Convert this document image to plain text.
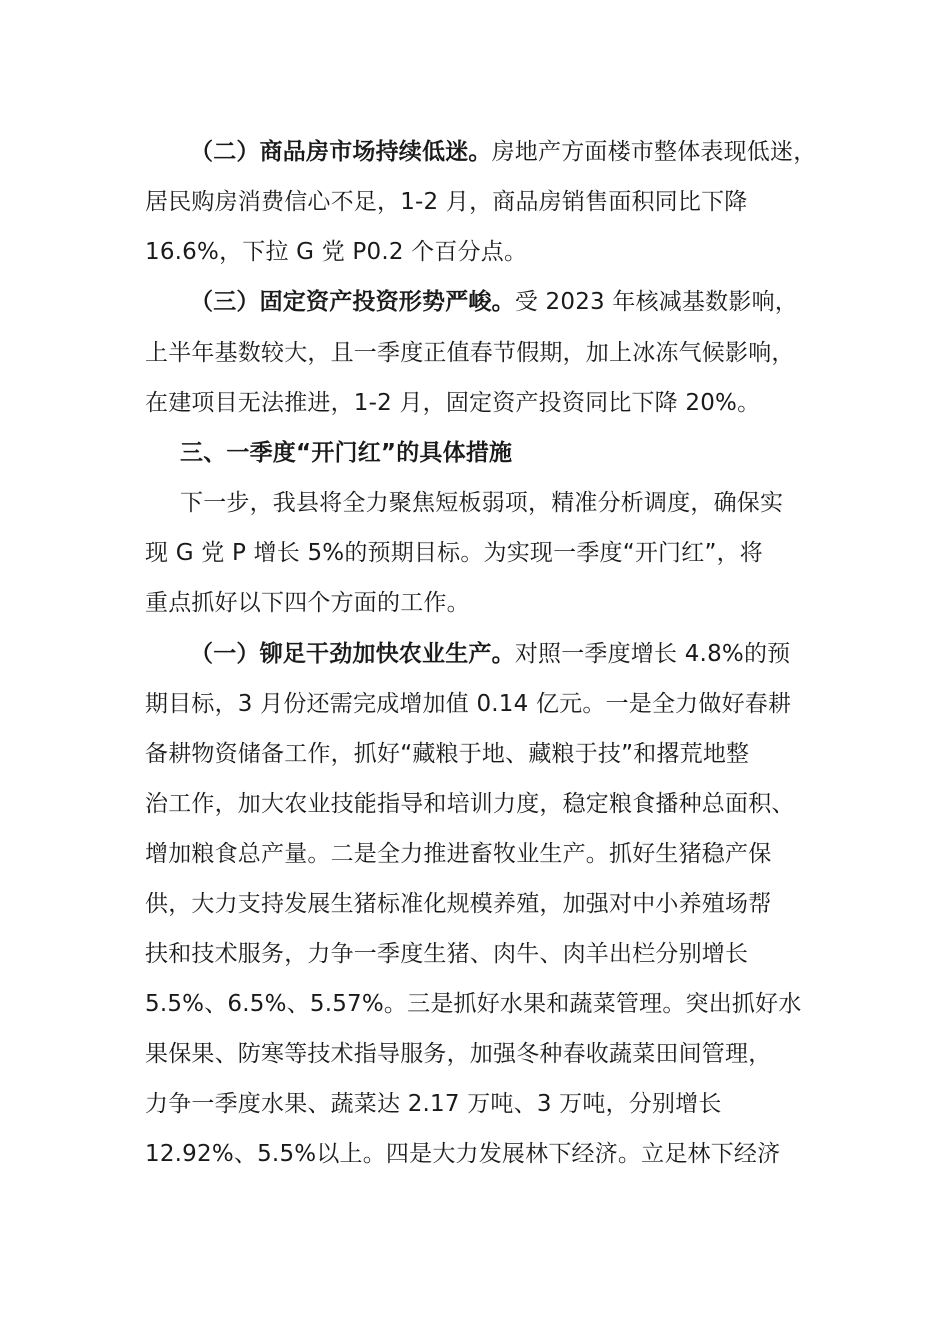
（二）商品房市场持续低迷。房地产方面楼市整体表现低迷，
居民购房消费信心不足，1-2 月，商品房销售面积同比下降
16.6%，下拉 G 党 P0.2 个百分点。
（三）固定资产投资形势严峻。受 2023 年核减基数影响，
上半年基数较大，且一季度正值春节假期，加上冰冻气候影响，
在建项目无法推进，1-2 月，固定资产投资同比下降 20%。
三、一季度“开门红”的具体措施
下一步，我县将全力聚焦短板弱项，精准分析调度，确保实
现 G 党 P 增长 5%的预期目标。为实现一季度“开门红”，将
重点抓好以下四个方面的工作。
（一）铆足干劲加快农业生产。对照一季度增长 4.8%的预
期目标，3 月份还需完成增加值 0.14 亿元。一是全力做好春耕
备耕物资储备工作，抓好“藏粮于地、藏粮于技”和撂荒地整
治工作，加大农业技能指导和培训力度，稳定粮食播种总面积、
增加粮食总产量。二是全力推进畜牧业生产。抓好生猪稳产保
供，大力支持发展生猪标准化规模养殖，加强对中小养殖场帮
扶和技术服务，力争一季度生猪、肉牛、肉羊出栏分别增长
5.5%、6.5%、5.57%。三是抓好水果和蔬菜管理。突出抓好水
果保果、防寒等技术指导服务，加强冬种春收蔬菜田间管理，
力争一季度水果、蔬菜达 2.17 万吨、3 万吨，分别增长
12.92%、5.5%以上。四是大力发展林下经济。立足林下经济
